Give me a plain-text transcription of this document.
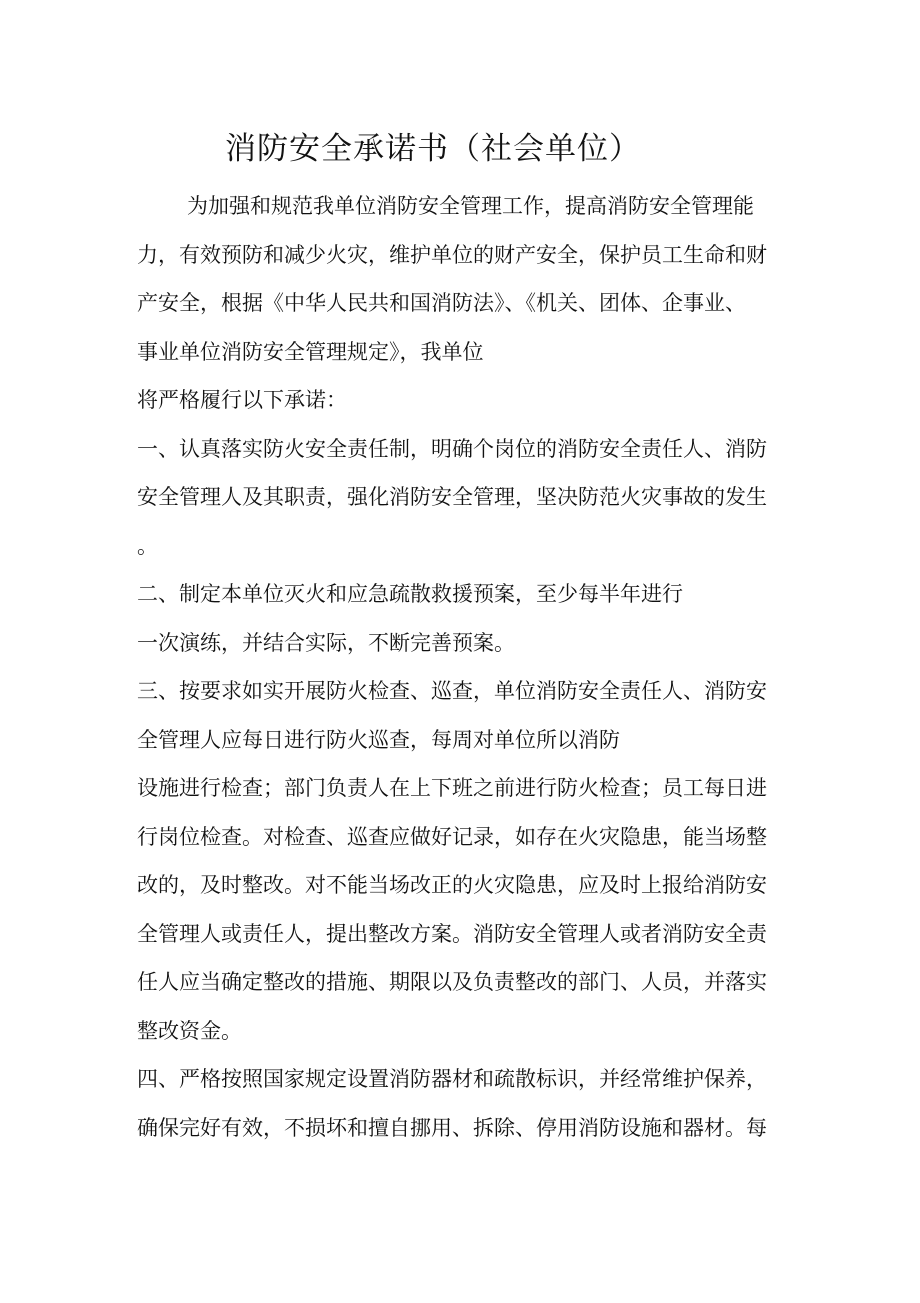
消防安全承诺书（社会单位）
为加强和规范我单位消防安全管理工作，提高消防安全管理能
力，有效预防和减少火灾，维护单位的财产安全，保护员工生命和财
产安全，根据《中华人民共和国消防法》、《机关、团体、企事业、
事业单位消防安全管理规定》，我单位
将严格履行以下承诺：
一、认真落实防火安全责任制，明确个岗位的消防安全责任人、消防
安全管理人及其职责，强化消防安全管理，坚决防范火灾事故的发生
。
二、制定本单位灭火和应急疏散救援预案，至少每半年进行
一次演练，并结合实际，不断完善预案。
三、按要求如实开展防火检查、巡查，单位消防安全责任人、消防安
全管理人应每日进行防火巡查，每周对单位所以消防
设施进行检查；部门负责人在上下班之前进行防火检查；员工每日进
行岗位检查。对检查、巡查应做好记录，如存在火灾隐患，能当场整
改的，及时整改。对不能当场改正的火灾隐患，应及时上报给消防安
全管理人或责任人，提出整改方案。消防安全管理人或者消防安全责
任人应当确定整改的措施、期限以及负责整改的部门、人员，并落实
整改资金。
四、严格按照国家规定设置消防器材和疏散标识，并经常维护保养，
确保完好有效，不损坏和擅自挪用、拆除、停用消防设施和器材。每
